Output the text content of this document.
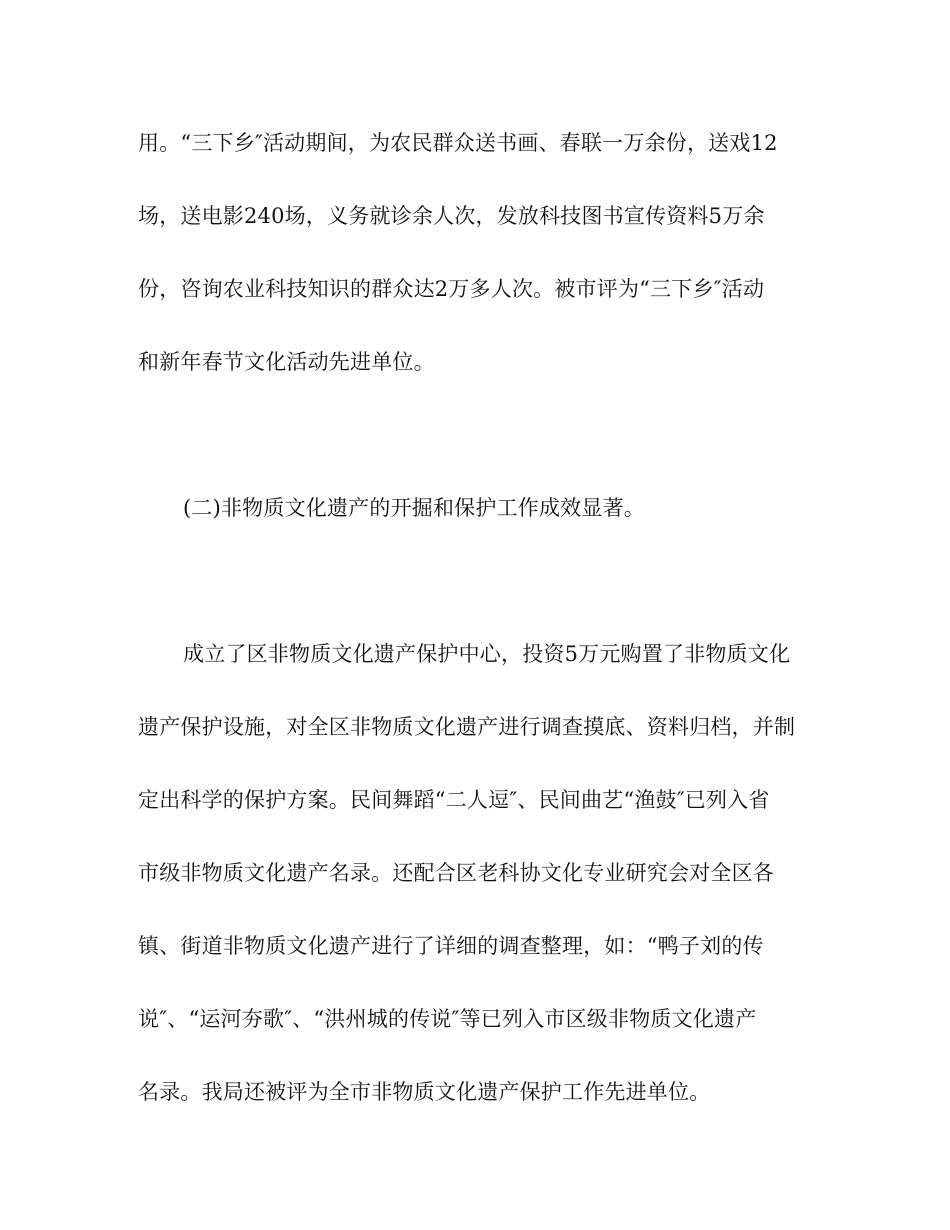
用。“三下乡″活动期间，为农民群众送书画、春联一万余份，送戏12
场，送电影240场，义务就诊余人次，发放科技图书宣传资料5万余
份，咨询农业科技知识的群众达2万多人次。被市评为“三下乡″活动
和新年春节文化活动先进单位。
(二)非物质文化遗产的开掘和保护工作成效显著。
成立了区非物质文化遗产保护中心，投资5万元购置了非物质文化
遗产保护设施，对全区非物质文化遗产进行调查摸底、资料归档，并制
定出科学的保护方案。民间舞蹈“二人逗″、民间曲艺“渔鼓″已列入省
市级非物质文化遗产名录。还配合区老科协文化专业研究会对全区各
镇、街道非物质文化遗产进行了详细的调查整理，如：“鸭子刘的传
说″、“运河夯歌″、“洪州城的传说″等已列入市区级非物质文化遗产
名录。我局还被评为全市非物质文化遗产保护工作先进单位。
